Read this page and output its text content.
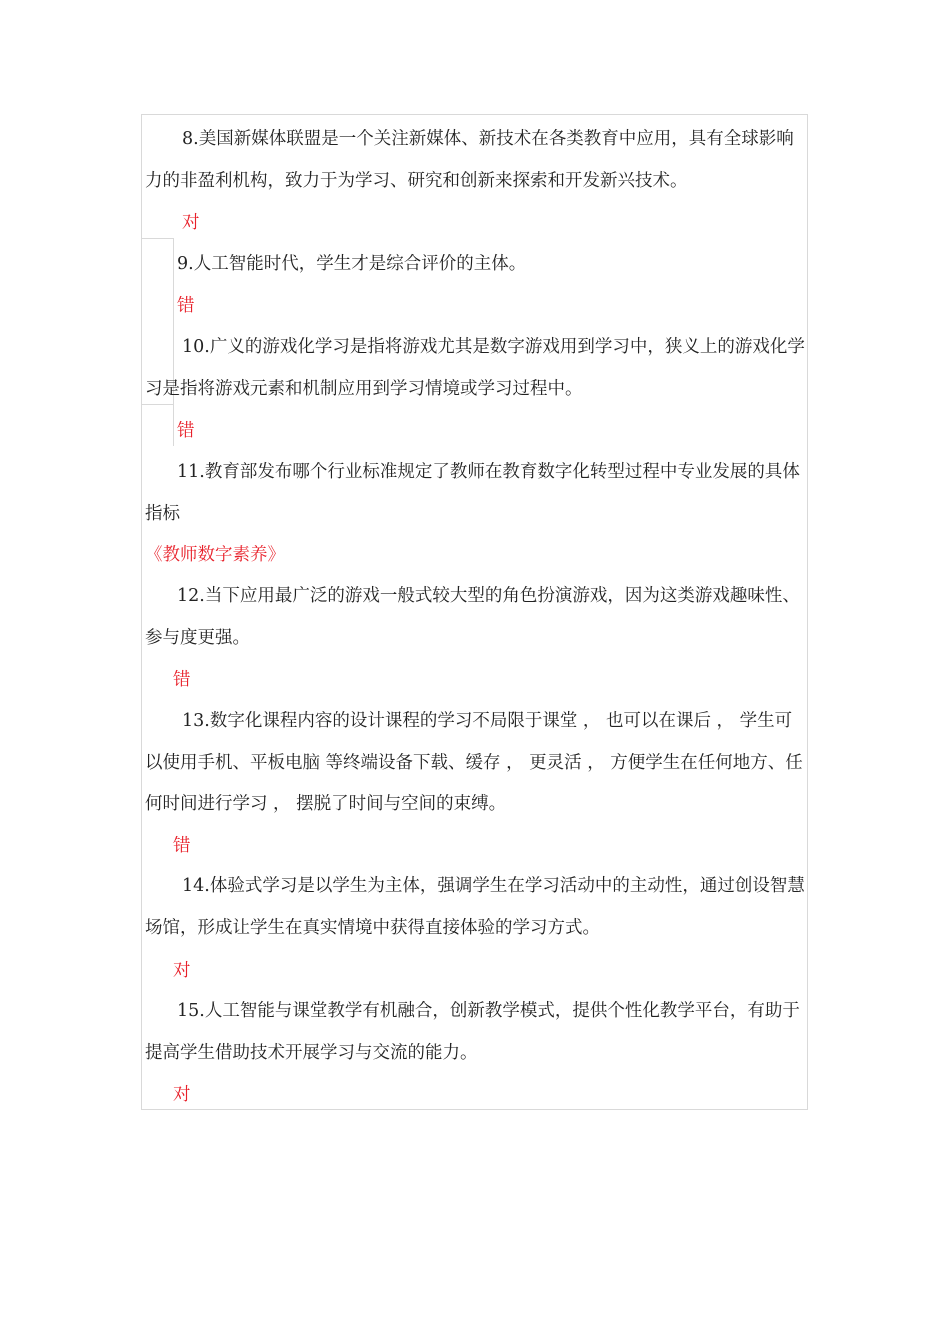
8.美国新媒体联盟是一个关注新媒体、新技术在各类教育中应用，具有全球影响力的非盈利机构，致力于为学习、研究和创新来探索和开发新兴技术。

对

9.人工智能时代，学生才是综合评价的主体。

错

10.广义的游戏化学习是指将游戏尤其是数字游戏用到学习中，狭义上的游戏化学习是指将游戏元素和机制应用到学习情境或学习过程中。

错

11.教育部发布哪个行业标准规定了教师在教育数字化转型过程中专业发展的具体指标

《教师数字素养》

12.当下应用最广泛的游戏一般式较大型的角色扮演游戏，因为这类游戏趣味性、参与度更强。

错

13.数字化课程内容的设计课程的学习不局限于课堂 ， 也可以在课后 ， 学生可以使用手机、平板电脑 等终端设备下载、缓存 ， 更灵活 ， 方便学生在任何地方、任何时间进行学习 ， 摆脱了时间与空间的束缚。

错

14.体验式学习是以学生为主体，强调学生在学习活动中的主动性，通过创设智慧场馆，形成让学生在真实情境中获得直接体验的学习方式。

对

15.人工智能与课堂教学有机融合，创新教学模式，提供个性化教学平台，有助于提高学生借助技术开展学习与交流的能力。

对
